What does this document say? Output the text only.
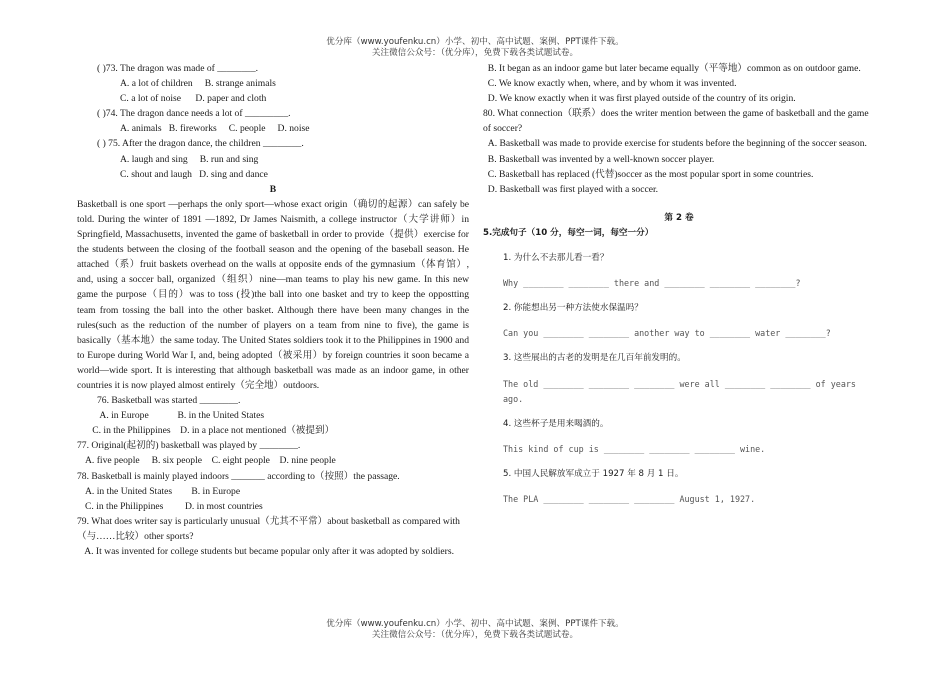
优分库（www.youfenku.cn）小学、初中、高中试题、案例、PPT课件下载。
关注微信公众号：（优分库），免费下载各类试题试卷。
( )73. The dragon was made of ________.
A. a lot of children B. strange animals
C. a lot of noise D. paper and cloth
( )74. The dragon dance needs a lot of _________.
A. animals B. fireworks C. people D. noise
( ) 75. After the dragon dance, the children ________.
A. laugh and sing B. run and sing
C. shout and laugh D. sing and dance
B
Basketball is one sport —perhaps the only sport—whose exact origin（确切的起源）can safely be told. During the winter of 1891 —1892, Dr James Naismith, a college instructor（大学讲师）in Springfield, Massachusetts, invented the game of basketball in order to provide（提供）exercise for the students between the closing of the football season and the opening of the baseball season. He attached（系）fruit baskets overhead on the walls at opposite ends of the gymnasium（体育馆）, and, using a soccer ball, organized（组织）nine—man teams to play his new game. In this new game the purpose（目的）was to toss (投)the ball into one basket and try to keep the oppostting team from tossing the ball into the other basket. Although there have been many changes in the rules(such as the reduction of the number of players on a team from nine to five), the game is basically（基本地）the same today. The United States soldiers took it to the Philippines in 1900 and to Europe during World War I, and, being adopted（被采用）by foreign countries it soon became a world—wide sport. It is interesting that although basketball was made as an indoor game, in other countries it is now played almost entirely（完全地）outdoors.
76. Basketball was started ________.
A. in Europe	B. in the United States
C. in the Philippines D. in a place not mentioned（被提到）
77. Original(起初的) basketball was played by ________.
A. five people B. six people C. eight people D. nine people
78. Basketball is mainly played indoors _______ according to（按照）the passage.
A. in the United States B. in Europe
C. in the Philippines D. in most countries
79. What does writer say is particularly unusual（尤其不平常）about basketball as compared with（与……比较）other sports?
A. It was invented for college students but became popular only after it was adopted by soldiers.
B. It began as an indoor game but later became equally（平等地）common as on outdoor game.
C. We know exactly when, where, and by whom it was invented.
D. We know exactly when it was first played outside of the country of its origin.
80. What connection（联系）does the writer mention between the game of basketball and the game of soccer?
A. Basketball was made to provide exercise for students before the beginning of the soccer season.
B. Basketball was invented by a well-known soccer player.
C. Basketball has replaced (代替)soccer as the most popular sport in some countries.
D. Basketball was first played with a soccer.
第 2 卷
5.完成句子（10 分，每空一词，每空一分）
1. 为什么不去那儿看一看？
Why ________ ________ there and ________ ________ ________?
2. 你能想出另一种方法使水保温吗？
Can you ________ ________ another way to ________ water ________?
3. 这些展出的古老的发明是在几百年前发明的。
The old ________ ________ ________ were all ________ ________ of years ago.
4. 这些杯子是用来喝酒的。
This kind of cup is ________ ________ ________ wine.
5. 中国人民解放军成立于 1927 年 8 月 1 日。
The PLA ________ ________ ________ August 1, 1927.
优分库（www.youfenku.cn）小学、初中、高中试题、案例、PPT课件下载。
关注微信公众号：（优分库），免费下载各类试题试卷。
